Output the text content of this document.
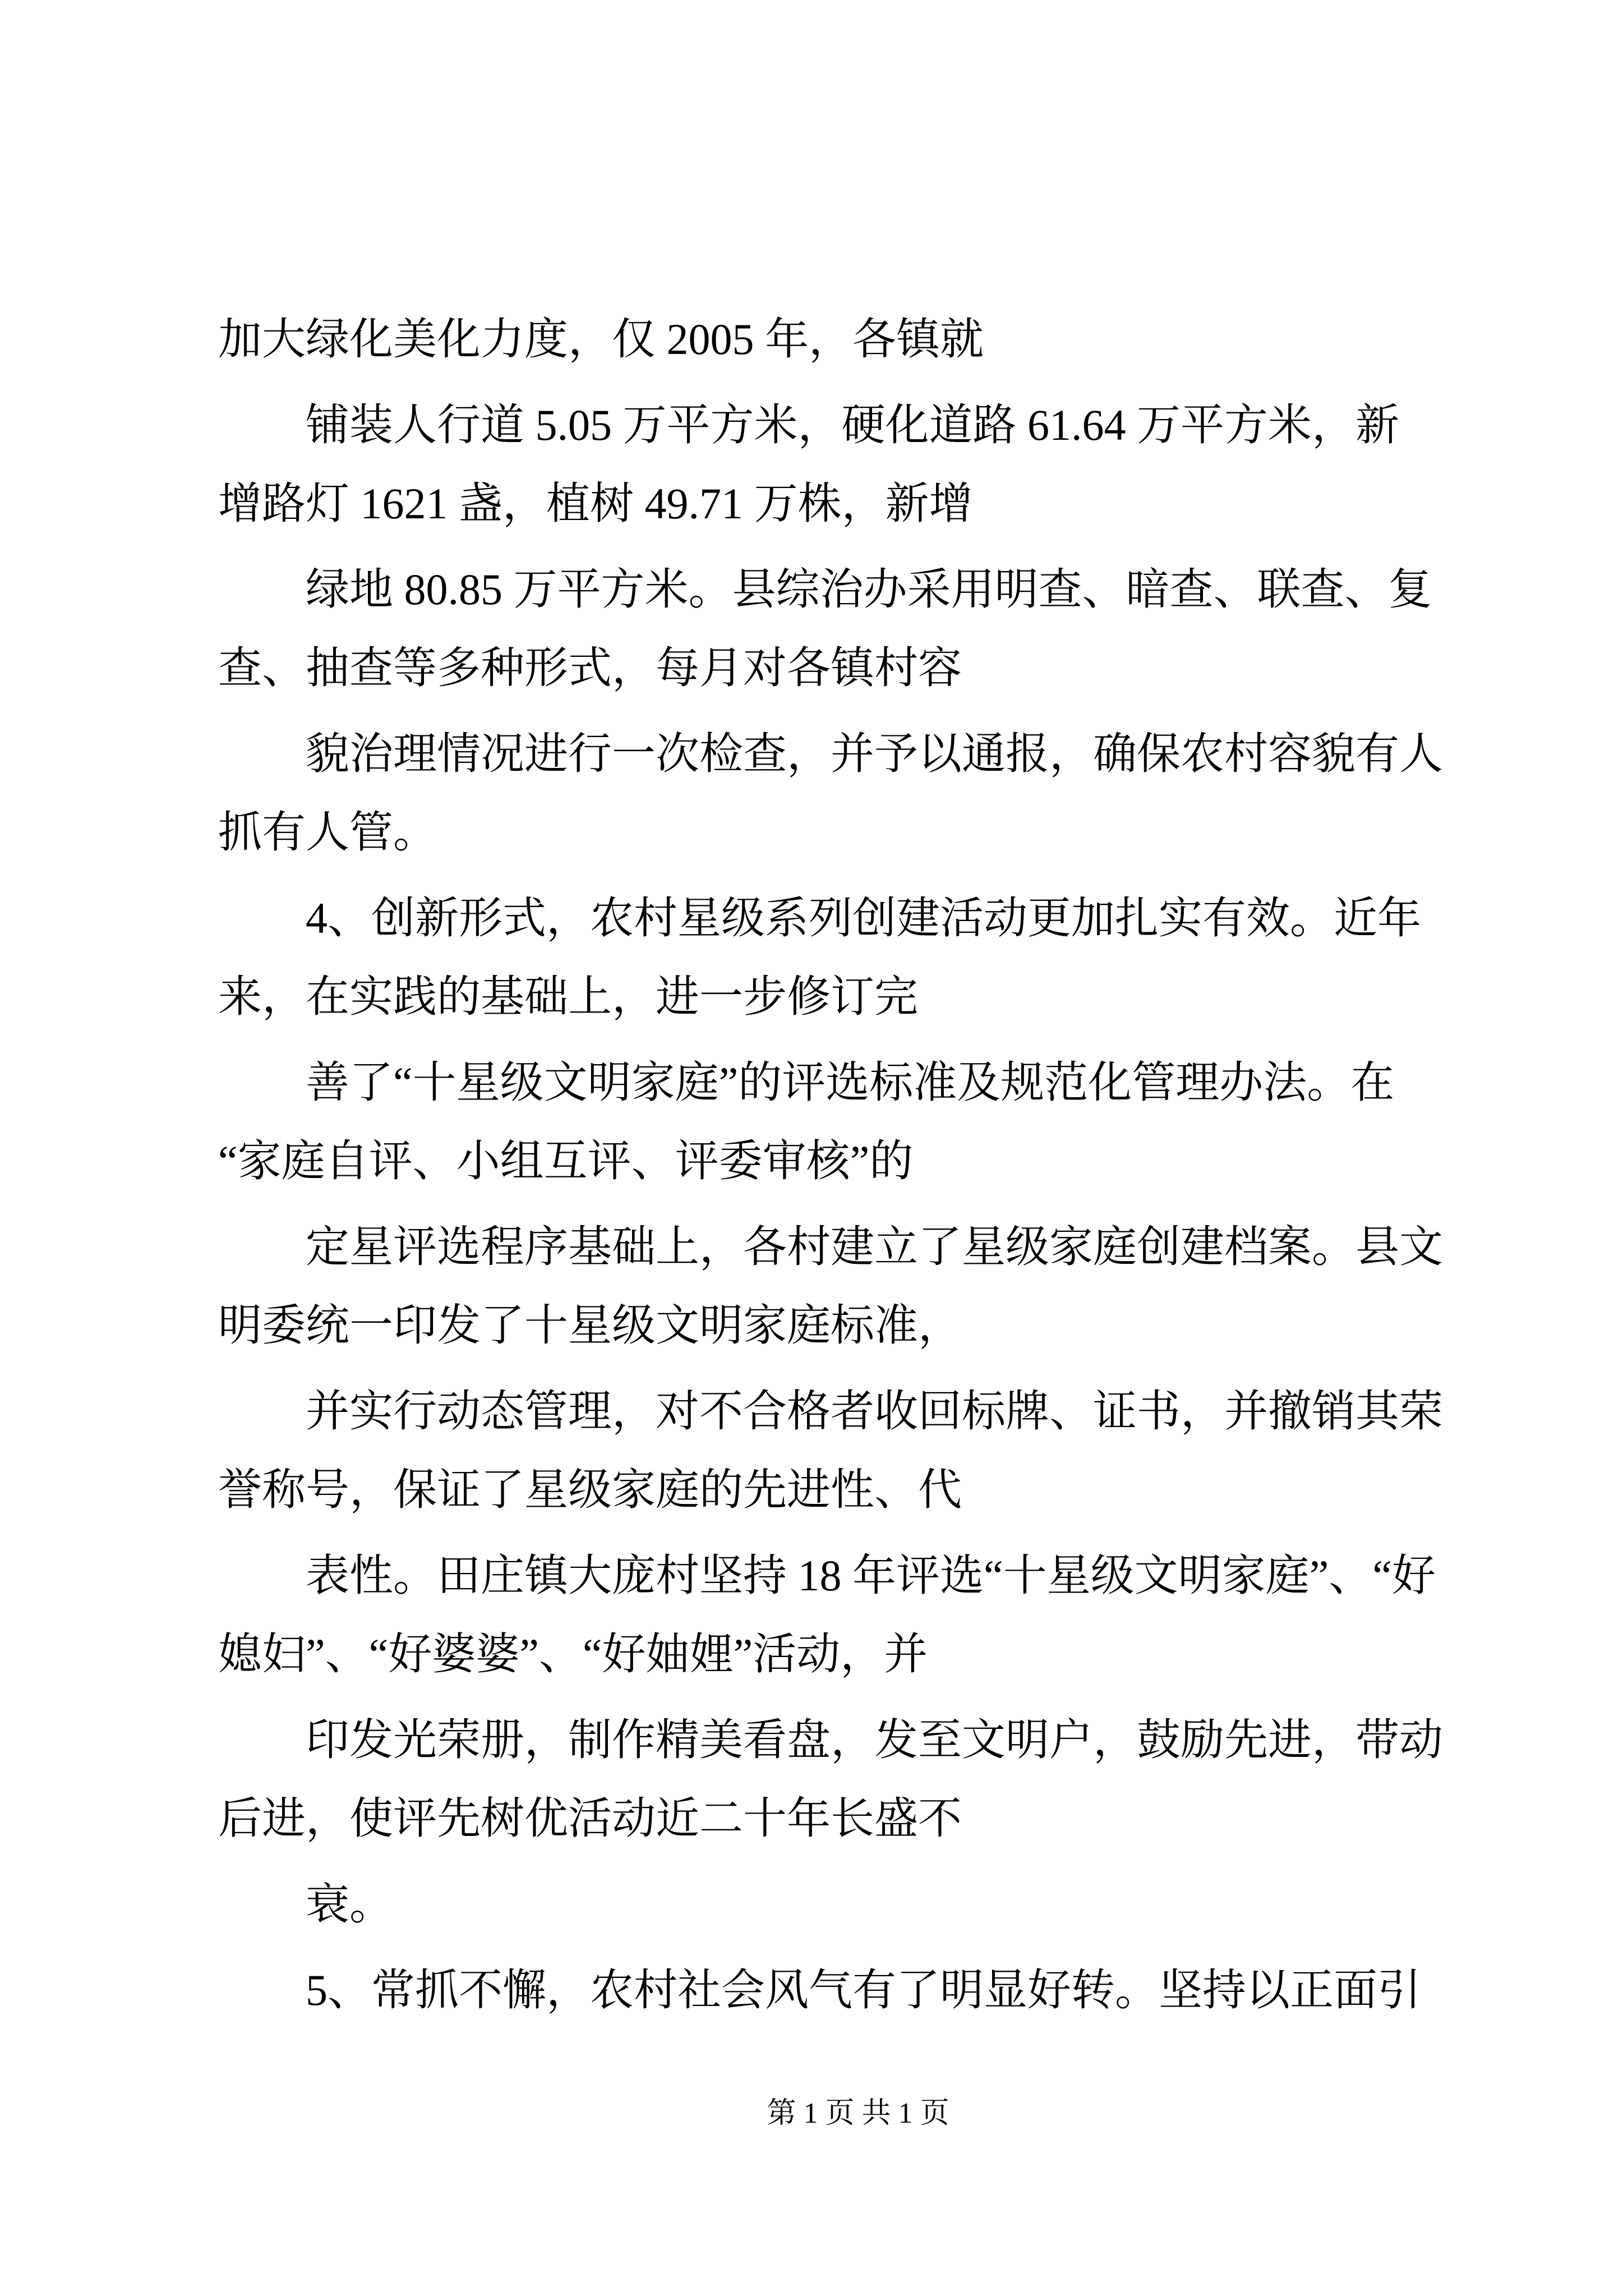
加大绿化美化力度，仅 2005 年，各镇就
铺装人行道 5.05 万平方米，硬化道路 61.64 万平方米，新
增路灯 1621 盏，植树 49.71 万株，新增
绿地 80.85 万平方米。县综治办采用明查、暗查、联查、复
查、抽查等多种形式，每月对各镇村容
貌治理情况进行一次检查，并予以通报，确保农村容貌有人
抓有人管。
4、创新形式，农村星级系列创建活动更加扎实有效。近年
来，在实践的基础上，进一步修订完
善了“十星级文明家庭”的评选标准及规范化管理办法。在
“家庭自评、小组互评、评委审核”的
定星评选程序基础上，各村建立了星级家庭创建档案。县文
明委统一印发了十星级文明家庭标准，
并实行动态管理，对不合格者收回标牌、证书，并撤销其荣
誉称号，保证了星级家庭的先进性、代
表性。田庄镇大庞村坚持 18 年评选“十星级文明家庭”、“好
媳妇”、“好婆婆”、“好妯娌”活动，并
印发光荣册，制作精美看盘，发至文明户，鼓励先进，带动
后进，使评先树优活动近二十年长盛不
衰。
5、常抓不懈，农村社会风气有了明显好转。坚持以正面引
第 1 页 共 1 页
